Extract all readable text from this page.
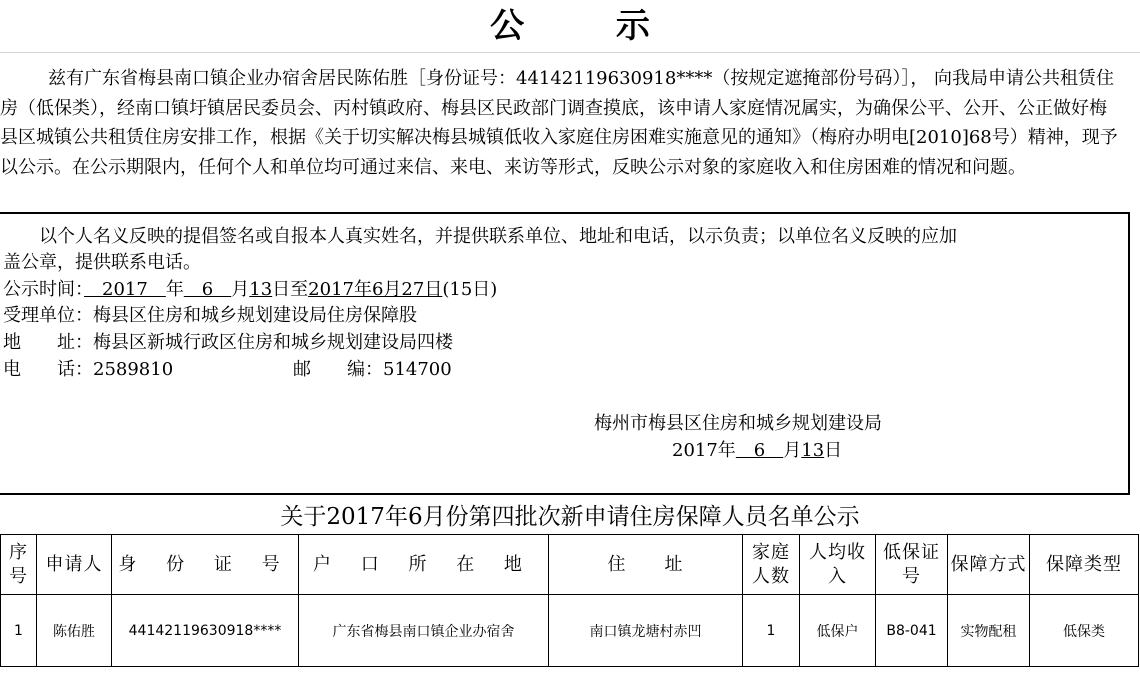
公 示
兹有广东省梅县南口镇企业办宿舍居民陈佑胜［身份证号：44142119630918****（按规定遮掩部份号码）］， 向我局申请公共租赁住房（低保类），经南口镇圩镇居民委员会、丙村镇政府、梅县区民政部门调查摸底，该申请人家庭情况属实，为确保公平、公开、公正做好梅县区城镇公共租赁住房安排工作，根据《关于切实解决梅县城镇低收入家庭住房困难实施意见的通知》（梅府办明电[2010]68号）精神，现予以公示。在公示期限内，任何个人和单位均可通过来信、来电、来访等形式，反映公示对象的家庭收入和住房困难的情况和问题。
　　以个人名义反映的提倡签名或自报本人真实姓名，并提供联系单位、地址和电话，以示负责；以单位名义反映的应加
盖公章，提供联系电话。
公示时间：　2017　年　6　月13日至2017年6月27日(15日)
受理单位：梅县区住房和城乡规划建设局住房保障股
地　　址：梅县区新城行政区住房和城乡规划建设局四楼
电　　话：2589810	邮　　编：514700
梅州市梅县区住房和城乡规划建设局
2017年　6　月13日
关于2017年6月份第四批次新申请住房保障人员名单公示
序号	申请人	身 份 证 号	户 口 所 在 地	住　　址	家庭人数	人均收入	低保证号	保障方式	保障类型
1	陈佑胜	44142119630918****	广东省梅县南口镇企业办宿舍	南口镇龙塘村赤凹	1	低保户	B8-041	实物配租	低保类
